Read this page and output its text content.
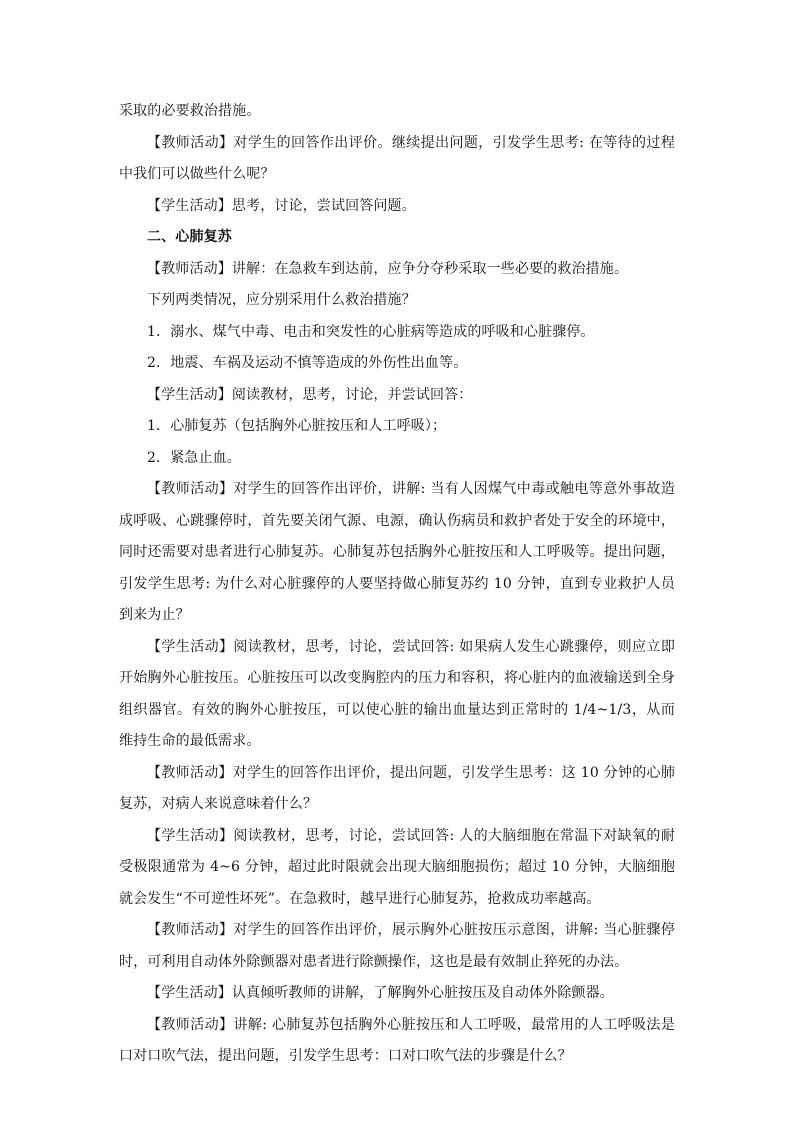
采取的必要救治措施。

【教师活动】对学生的回答作出评价。继续提出问题，引发学生思考: 在等待的过程中我们可以做些什么呢？

【学生活动】思考，讨论，尝试回答问题。

二、心肺复苏

【教师活动】讲解：在急救车到达前，应争分夺秒采取一些必要的救治措施。

下列两类情况，应分别采用什么救治措施？

1．溺水、煤气中毒、电击和突发性的心脏病等造成的呼吸和心脏骤停。

2．地震、车祸及运动不慎等造成的外伤性出血等。

【学生活动】阅读教材，思考，讨论，并尝试回答：

1．心肺复苏（包括胸外心脏按压和人工呼吸）；

2．紧急止血。

【教师活动】对学生的回答作出评价，讲解: 当有人因煤气中毒或触电等意外事故造成呼吸、心跳骤停时，首先要关闭气源、电源，确认伤病员和救护者处于安全的环境中，同时还需要对患者进行心肺复苏。心肺复苏包括胸外心脏按压和人工呼吸等。提出问题，引发学生思考: 为什么对心脏骤停的人要坚持做心肺复苏约 10 分钟，直到专业救护人员到来为止？

【学生活动】阅读教材，思考，讨论，尝试回答: 如果病人发生心跳骤停，则应立即开始胸外心脏按压。心脏按压可以改变胸腔内的压力和容积，将心脏内的血液输送到全身组织器官。有效的胸外心脏按压，可以使心脏的输出血量达到正常时的 1/4~1/3，从而维持生命的最低需求。

【教师活动】对学生的回答作出评价，提出问题，引发学生思考：这 10 分钟的心肺复苏，对病人来说意味着什么？

【学生活动】阅读教材，思考，讨论，尝试回答: 人的大脑细胞在常温下对缺氧的耐受极限通常为 4~6 分钟，超过此时限就会出现大脑细胞损伤；超过 10 分钟，大脑细胞就会发生“不可逆性坏死”。在急救时，越早进行心肺复苏，抢救成功率越高。

【教师活动】对学生的回答作出评价，展示胸外心脏按压示意图，讲解: 当心脏骤停时，可利用自动体外除颤器对患者进行除颤操作，这也是最有效制止猝死的办法。

【学生活动】认真倾听教师的讲解，了解胸外心脏按压及自动体外除颤器。

【教师活动】讲解: 心肺复苏包括胸外心脏按压和人工呼吸，最常用的人工呼吸法是口对口吹气法，提出问题，引发学生思考：口对口吹气法的步骤是什么？
